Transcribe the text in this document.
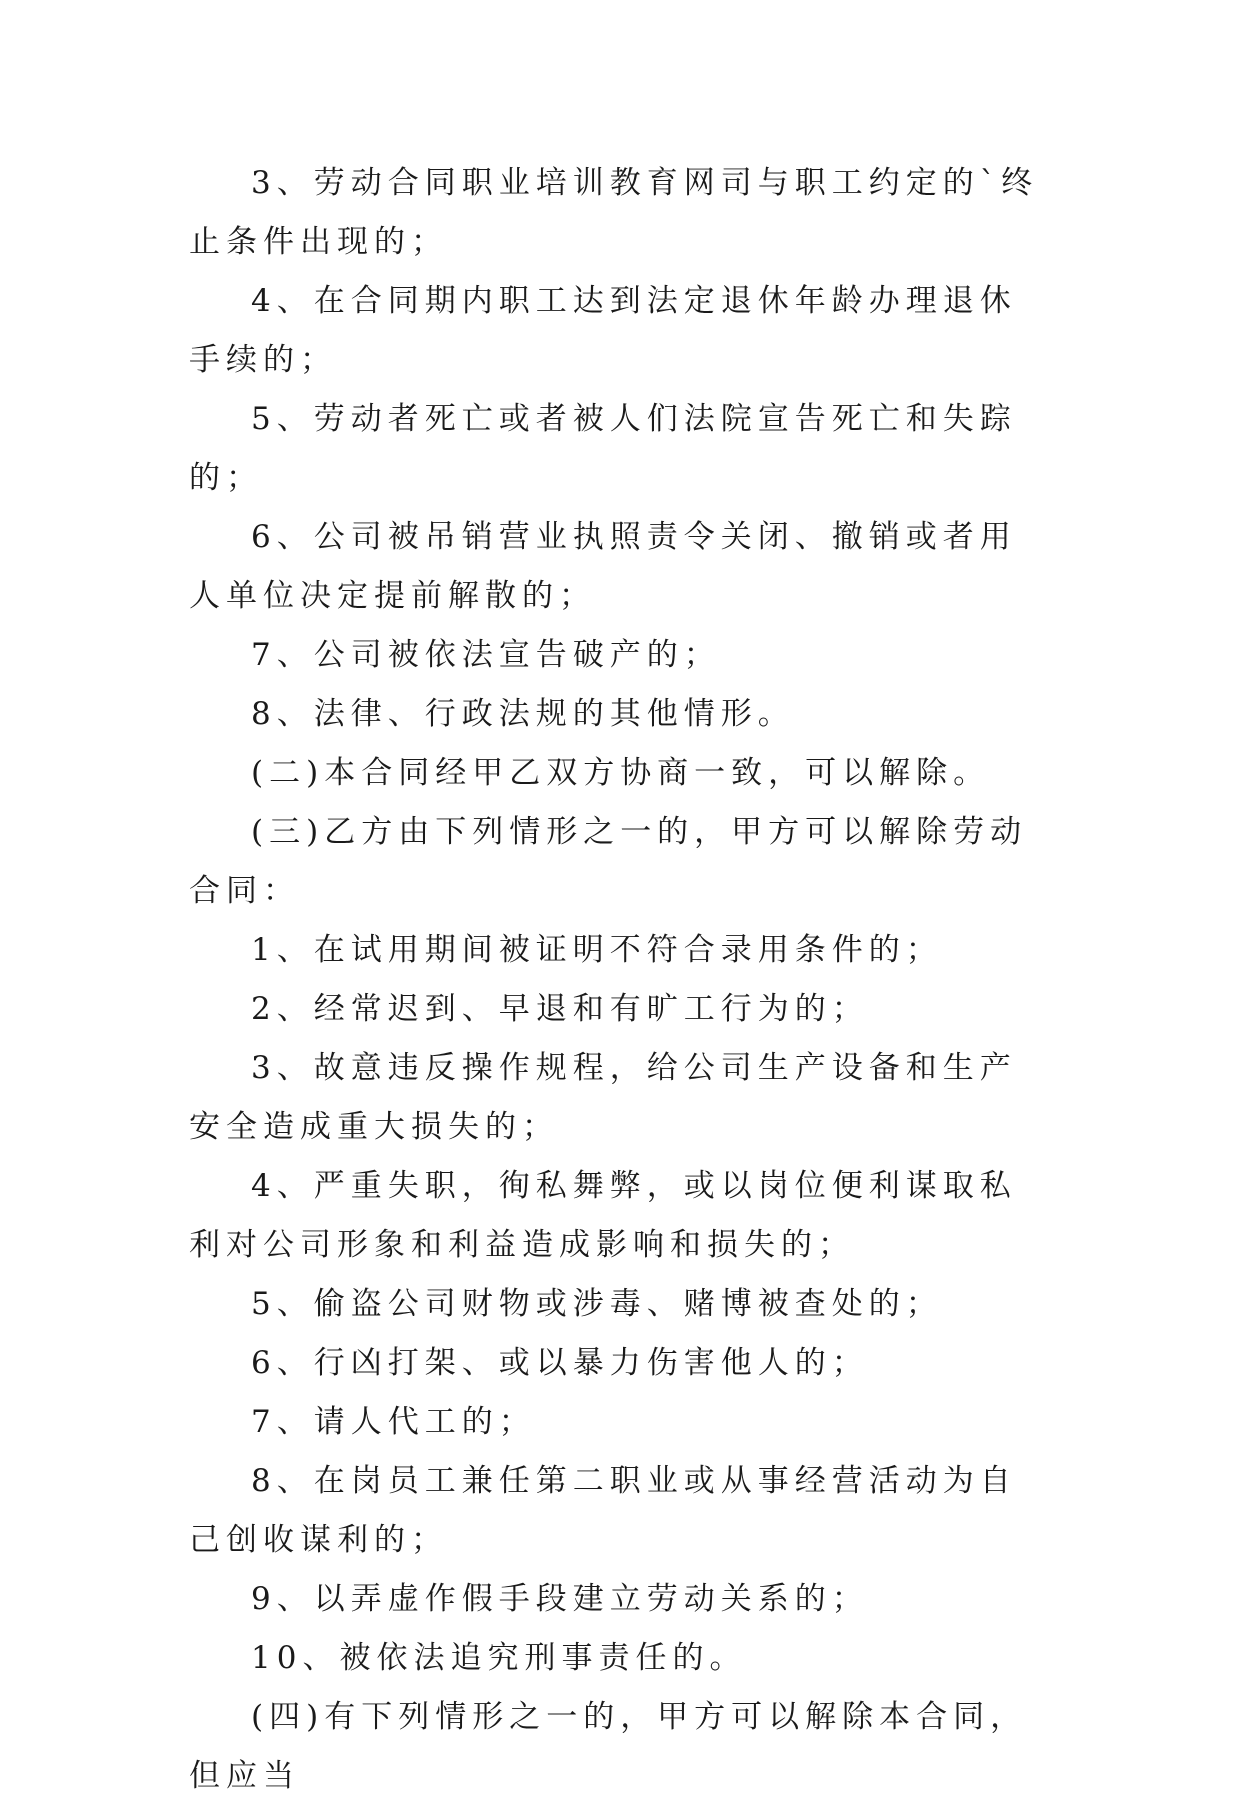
3、劳动合同职业培训教育网司与职工约定的`终止条件出现的；

4、在合同期内职工达到法定退休年龄办理退休手续的；

5、劳动者死亡或者被人们法院宣告死亡和失踪的；

6、公司被吊销营业执照责令关闭、撤销或者用人单位决定提前解散的；

7、公司被依法宣告破产的；

8、法律、行政法规的其他情形。

(二)本合同经甲乙双方协商一致，可以解除。

(三)乙方由下列情形之一的，甲方可以解除劳动合同：

1、在试用期间被证明不符合录用条件的；

2、经常迟到、早退和有旷工行为的；

3、故意违反操作规程，给公司生产设备和生产安全造成重大损失的；

4、严重失职，徇私舞弊，或以岗位便利谋取私利对公司形象和利益造成影响和损失的；

5、偷盗公司财物或涉毒、赌博被查处的；

6、行凶打架、或以暴力伤害他人的；

7、请人代工的；

8、在岗员工兼任第二职业或从事经营活动为自己创收谋利的；

9、以弄虚作假手段建立劳动关系的；

10、被依法追究刑事责任的。

(四)有下列情形之一的，甲方可以解除本合同，但应当
